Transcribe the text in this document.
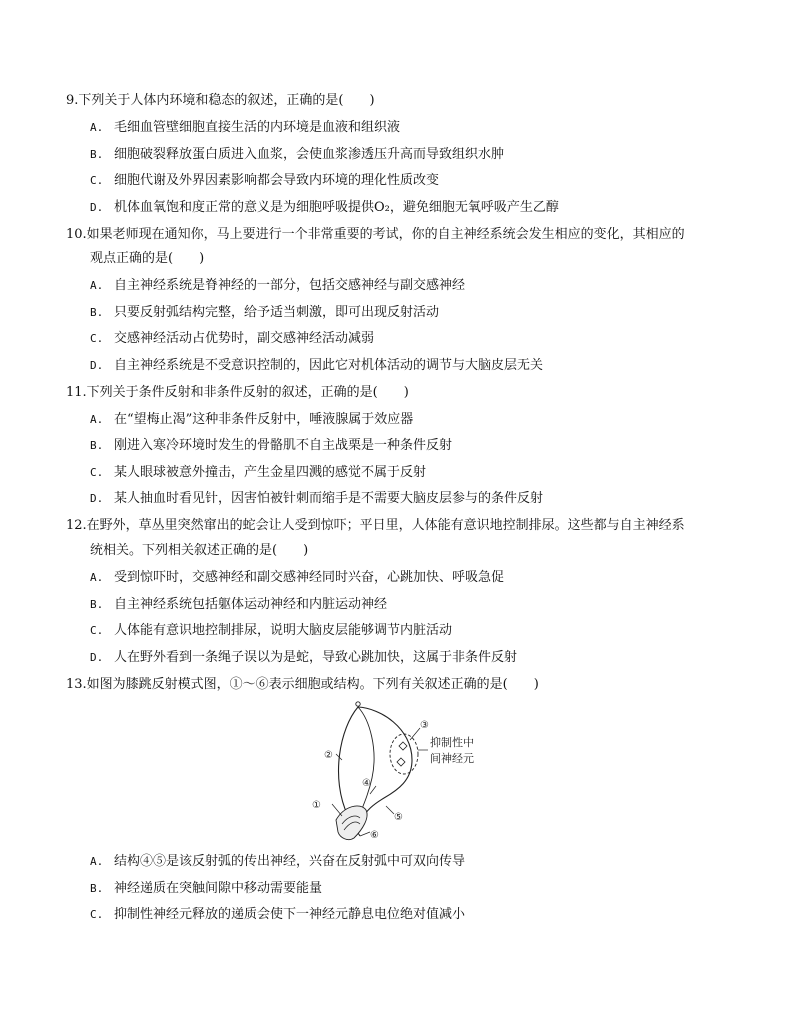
9.下列关于人体内环境和稳态的叙述，正确的是(　　)
A. 毛细血管壁细胞直接生活的内环境是血液和组织液
B. 细胞破裂释放蛋白质进入血浆，会使血浆渗透压升高而导致组织水肿
C. 细胞代谢及外界因素影响都会导致内环境的理化性质改变
D. 机体血氧饱和度正常的意义是为细胞呼吸提供O₂，避免细胞无氧呼吸产生乙醇
10.如果老师现在通知你，马上要进行一个非常重要的考试，你的自主神经系统会发生相应的变化，其相应的
观点正确的是(　　)
A. 自主神经系统是脊神经的一部分，包括交感神经与副交感神经
B. 只要反射弧结构完整，给予适当刺激，即可出现反射活动
C. 交感神经活动占优势时，副交感神经活动减弱
D. 自主神经系统是不受意识控制的，因此它对机体活动的调节与大脑皮层无关
11.下列关于条件反射和非条件反射的叙述，正确的是(　　)
A. 在“望梅止渴”这种非条件反射中，唾液腺属于效应器
B. 刚进入寒冷环境时发生的骨骼肌不自主战栗是一种条件反射
C. 某人眼球被意外撞击，产生金星四溅的感觉不属于反射
D. 某人抽血时看见针，因害怕被针刺而缩手是不需要大脑皮层参与的条件反射
12.在野外，草丛里突然窜出的蛇会让人受到惊吓；平日里，人体能有意识地控制排尿。这些都与自主神经系
统相关。下列相关叙述正确的是(　　)
A. 受到惊吓时，交感神经和副交感神经同时兴奋，心跳加快、呼吸急促
B. 自主神经系统包括躯体运动神经和内脏运动神经
C. 人体能有意识地控制排尿，说明大脑皮层能够调节内脏活动
D. 人在野外看到一条绳子误以为是蛇，导致心跳加快，这属于非条件反射
13.如图为膝跳反射模式图，①～⑥表示细胞或结构。下列有关叙述正确的是(　　)
①
②
③
④
⑤
⑥
抑制性中
间神经元
A. 结构④⑤是该反射弧的传出神经，兴奋在反射弧中可双向传导
B. 神经递质在突触间隙中移动需要能量
C. 抑制性神经元释放的递质会使下一神经元静息电位绝对值减小
